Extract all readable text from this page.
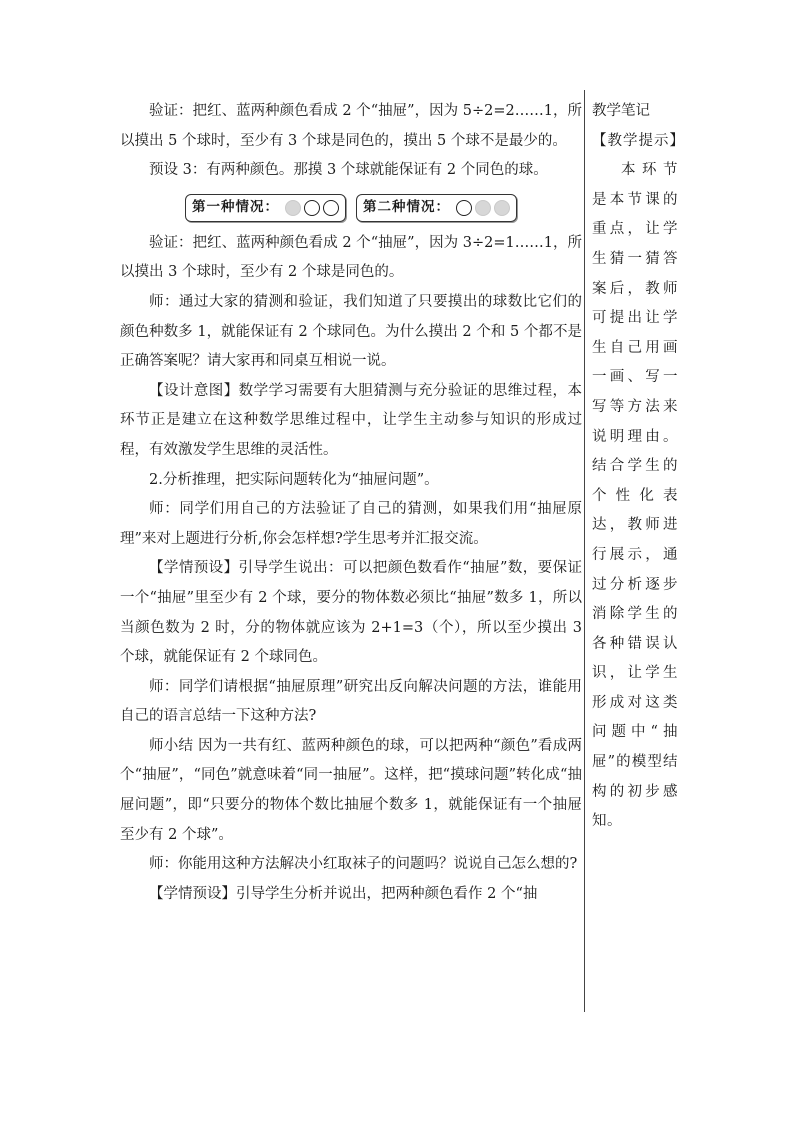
验证：把红、蓝两种颜色看成 2 个“抽屉”，因为 5÷2=2……1，所以摸出 5 个球时，至少有 3 个球是同色的，摸出 5 个球不是最少的。

预设 3：有两种颜色。那摸 3 个球就能保证有 2 个同色的球。

第一种情况：	第二种情况：

验证：把红、蓝两种颜色看成 2 个“抽屉”，因为 3÷2=1……1，所以摸出 3 个球时，至少有 2 个球是同色的。

师：通过大家的猜测和验证，我们知道了只要摸出的球数比它们的颜色种数多 1，就能保证有 2 个球同色。为什么摸出 2 个和 5 个都不是正确答案呢？请大家再和同桌互相说一说。

【设计意图】数学学习需要有大胆猜测与充分验证的思维过程，本环节正是建立在这种数学思维过程中，让学生主动参与知识的形成过程，有效激发学生思维的灵活性。

2.分析推理，把实际问题转化为“抽屉问题”。

师：同学们用自己的方法验证了自己的猜测，如果我们用“抽屉原理”来对上题进行分析,你会怎样想?学生思考并汇报交流。

【学情预设】引导学生说出：可以把颜色数看作“抽屉”数，要保证一个“抽屉”里至少有 2 个球，要分的物体数必须比“抽屉”数多 1，所以当颜色数为 2 时，分的物体就应该为 2+1=3（个），所以至少摸出 3 个球，就能保证有 2 个球同色。

师：同学们请根据“抽屉原理”研究出反向解决问题的方法，谁能用自己的语言总结一下这种方法?

师小结 因为一共有红、蓝两种颜色的球，可以把两种“颜色”看成两个“抽屉”，“同色”就意味着“同一抽屉”。这样，把“摸球问题”转化成“抽屉问题”，即“只要分的物体个数比抽屉个数多 1，就能保证有一个抽屉至少有 2 个球”。

师：你能用这种方法解决小红取袜子的问题吗？说说自己怎么想的?

【学情预设】引导学生分析并说出，把两种颜色看作 2 个“抽

教学笔记

【教学提示】

本环节是本节课的重点，让学生猜一猜答案后，教师可提出让学生自己用画一画、写一写等方法来说明理由。结合学生的个性化表达，教师进行展示，通过分析逐步消除学生的各种错误认识，让学生形成对这类问题中“抽屉”的模型结构的初步感知。
